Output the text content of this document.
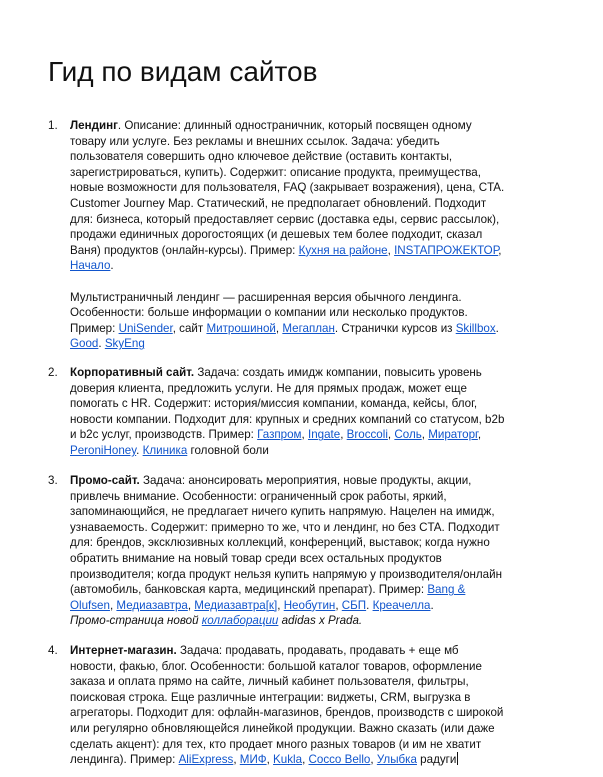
Гид по видам сайтов
1. Лендинг. Описание: длинный одностраничник, который посвящен одному
товару или услуге. Без рекламы и внешних ссылок. Задача: убедить
пользователя совершить одно ключевое действие (оставить контакты,
зарегистрироваться, купить). Содержит: описание продукта, преимущества,
новые возможности для пользователя, FAQ (закрывает возражения), цена, CTA.
Customer Journey Map. Статический, не предполагает обновлений. Подходит
для: бизнеса, который предоставляет сервис (доставка еды, сервис рассылок),
продажи единичных дорогостоящих (и дешевых тем более подходит, сказал
Ваня) продуктов (онлайн-курсы). Пример: Кухня на районе, INSTAПРОЖЕКТОР,
Начало.
Мультистраничный лендинг — расширенная версия обычного лендинга.
Особенности: больше информации о компании или несколько продуктов.
Пример: UniSender, сайт Митрошиной, Мегаплан. Странички курсов из Skillbox.
Good. SkyEng
2. Корпоративный сайт. Задача: создать имидж компании, повысить уровень
доверия клиента, предложить услуги. Не для прямых продаж, может еще
помогать с HR. Содержит: история/миссия компании, команда, кейсы, блог,
новости компании. Подходит для: крупных и средних компаний со статусом, b2b
и b2c услуг, производств. Пример: Газпром, Ingate, Broccoli, Соль, Мираторг,
PeroniHoney. Клиника головной боли
3. Промо-сайт. Задача: анонсировать мероприятия, новые продукты, акции,
привлечь внимание. Особенности: ограниченный срок работы, яркий,
запоминающийся, не предлагает ничего купить напрямую. Нацелен на имидж,
узнаваемость. Содержит: примерно то же, что и лендинг, но без CTA. Подходит
для: брендов, эксклюзивных коллекций, конференций, выставок; когда нужно
обратить внимание на новый товар среди всех остальных продуктов
производителя; когда продукт нельзя купить напрямую у производителя/онлайн
(автомобиль, банковская карта, медицинский препарат). Пример: Bang &
Olufsen, Медиазавтра, Медиазавтра[к], Необутин, СБП. Креачелла.
Промо-страница новой коллаборации adidas x Prada.
4. Интернет-магазин. Задача: продавать, продавать, продавать + еще мб
новости, факью, блог. Особенности: большой каталог товаров, оформление
заказа и оплата прямо на сайте, личный кабинет пользователя, фильтры,
поисковая строка. Еще различные интеграции: виджеты, CRM, выгрузка в
агрегаторы. Подходит для: офлайн-магазинов, брендов, производств с широкой
или регулярно обновляющейся линейкой продукции. Важно сказать (или даже
сделать акцент): для тех, кто продает много разных товаров (и им не хватит
лендинга). Пример: AliExpress, МИФ, Kukla, Cocco Bello, Улыбка радуги
